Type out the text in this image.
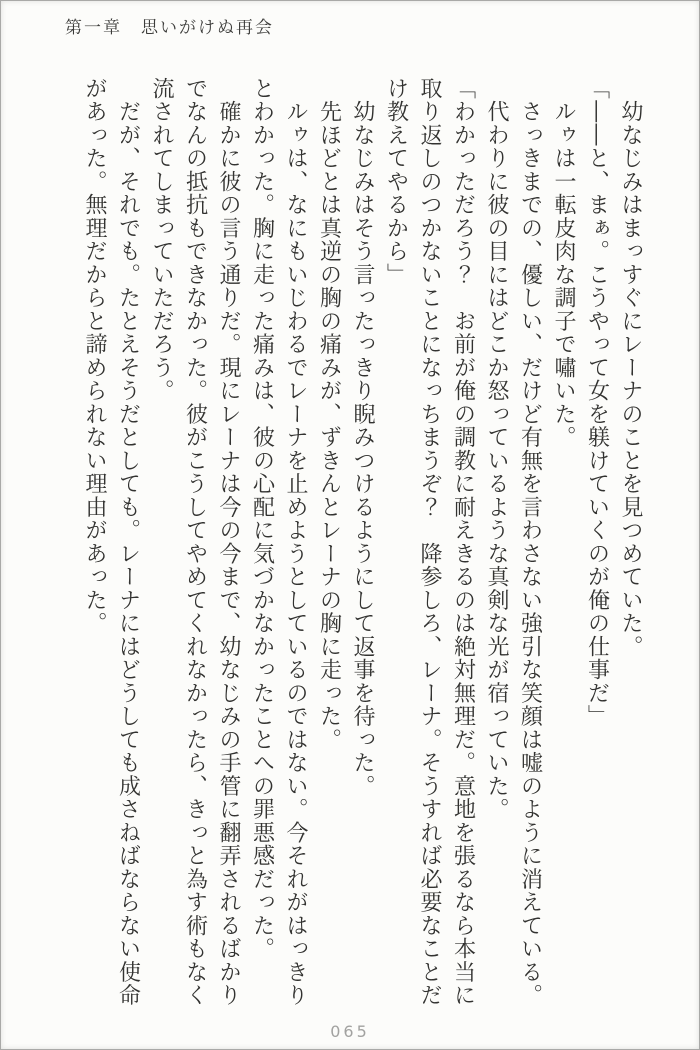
第一章　思いがけぬ再会

　幼なじみはまっすぐにレーナのことを見つめていた。

「――と、まぁ。こうやって女を躾けていくのが俺の仕事だ」

　ルゥは一転皮肉な調子で嘯いた。

　さっきまでの、優しい、だけど有無を言わさない強引な笑顔は嘘のように消えている。

　代わりに彼の目にはどこか怒っているような真剣な光が宿っていた。

「わかっただろう？　お前が俺の調教に耐えきるのは絶対無理だ。意地を張るなら本当に取り返しのつかないことになっちまうぞ？　降参しろ、レーナ。そうすれば必要なことだけ教えてやるから」

　幼なじみはそう言ったっきり睨みつけるようにして返事を待った。

　先ほどとは真逆の胸の痛みが、ずきんとレーナの胸に走った。

　ルゥは、なにもいじわるでレーナを止めようとしているのではない。今それがはっきりとわかった。胸に走った痛みは、彼の心配に気づかなかったことへの罪悪感だった。

　確かに彼の言う通りだ。現にレーナは今の今まで、幼なじみの手管に翻弄されるばかりでなんの抵抗もできなかった。彼がこうしてやめてくれなかったら、きっと為す術もなく流されてしまっていただろう。

　だが、それでも。たとえそうだとしても。レーナにはどうしても成さねばならない使命があった。無理だからと諦められない理由があった。

065
